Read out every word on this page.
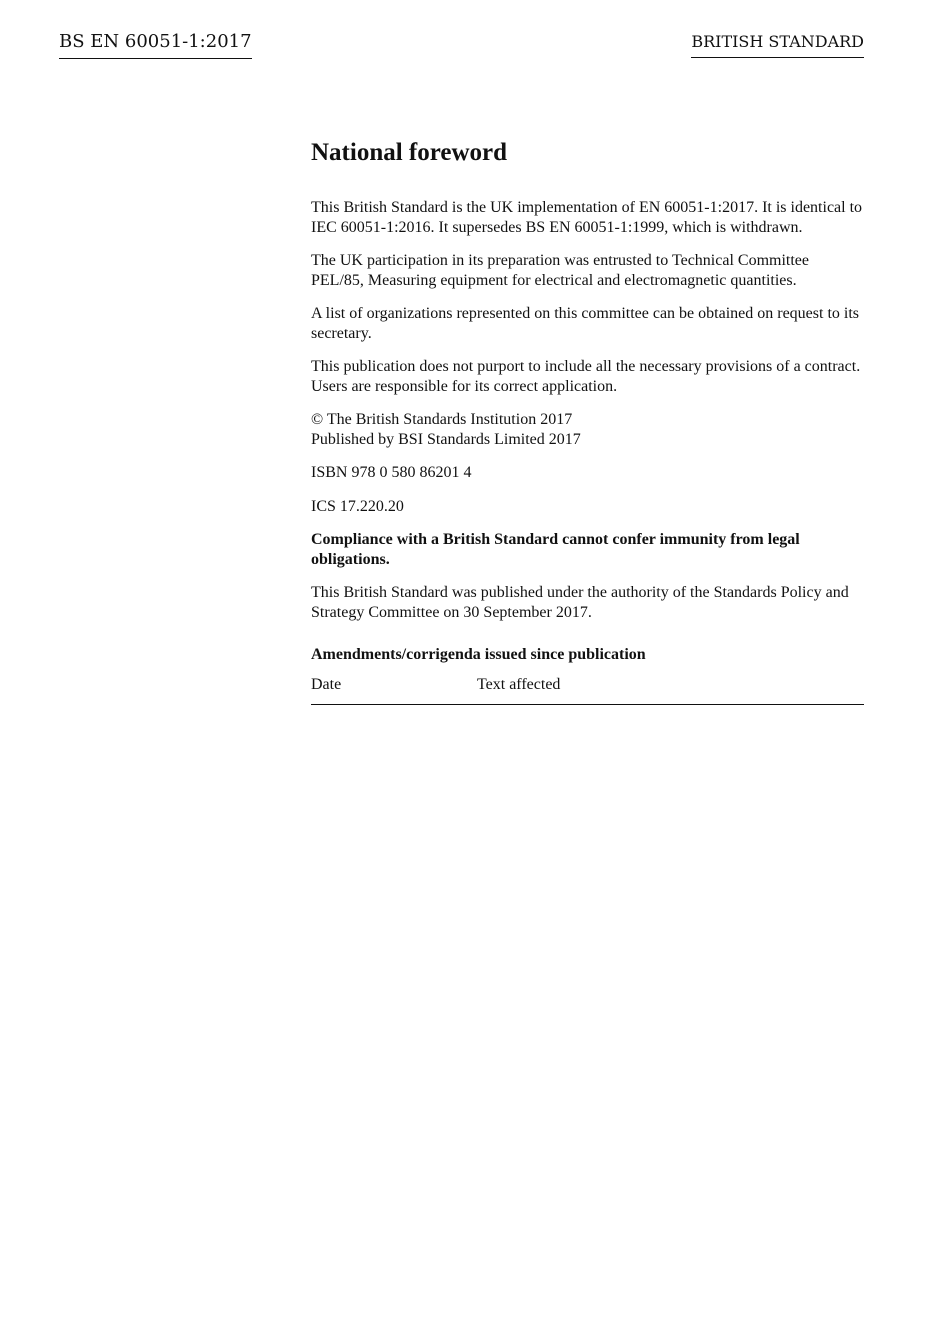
BS EN 60051-1:2017	BRITISH STANDARD
National foreword

This British Standard is the UK implementation of EN 60051-1:2017. It is identical to IEC 60051-1:2016. It supersedes BS EN 60051-1:1999, which is withdrawn.

The UK participation in its preparation was entrusted to Technical Committee PEL/85, Measuring equipment for electrical and electromagnetic quantities.

A list of organizations represented on this committee can be obtained on request to its secretary.

This publication does not purport to include all the necessary provisions of a contract. Users are responsible for its correct application.

© The British Standards Institution 2017
Published by BSI Standards Limited 2017

ISBN 978 0 580 86201 4

ICS 17.220.20

Compliance with a British Standard cannot confer immunity from legal obligations.

This British Standard was published under the authority of the Standards Policy and Strategy Committee on 30 September 2017.

Amendments/corrigenda issued since publication
Date	Text affected
